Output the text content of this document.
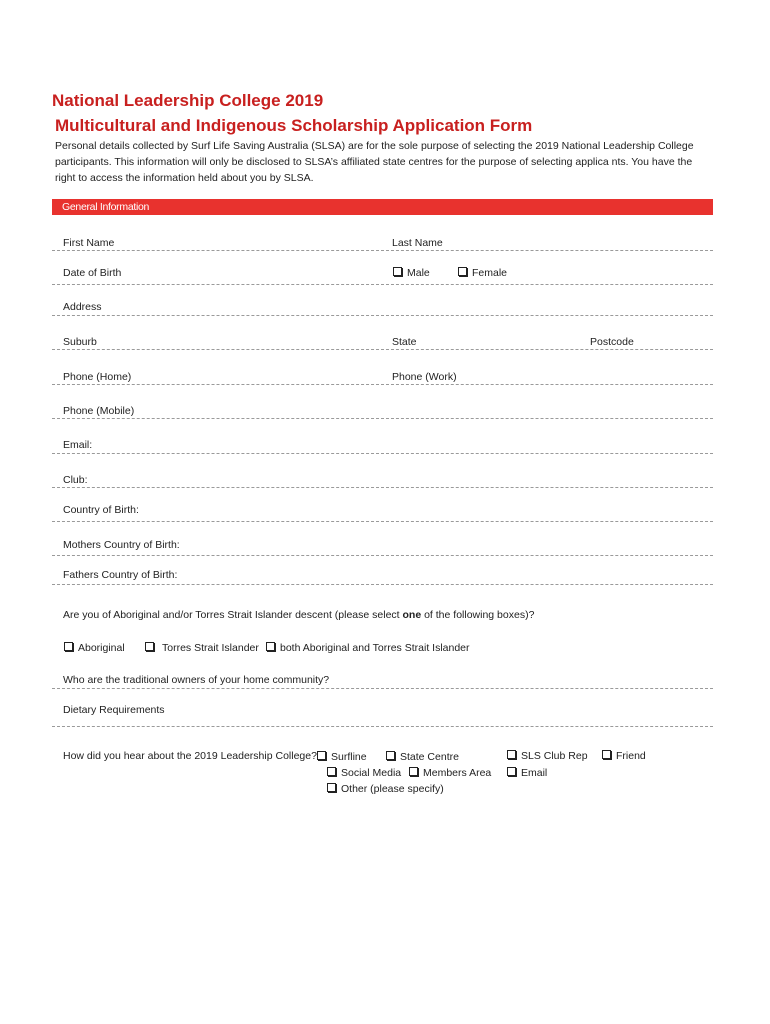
National Leadership College 2019
Multicultural and Indigenous Scholarship Application Form
Personal details collected by Surf Life Saving Australia (SLSA) are for the sole purpose of selecting the 2019 National Leadership College participants. This information will only be disclosed to SLSA’s affiliated state centres for the purpose of selecting applica nts. You have the right to access the information held about you by SLSA.
General Information
First Name	Last Name
Date of Birth	Male	Female
Address
Suburb	State	Postcode
Phone (Home)	Phone (Work)
Phone (Mobile)
Email:
Club:
Country of Birth:
Mothers Country of Birth:
Fathers Country of Birth:
Are you of Aboriginal and/or Torres Strait Islander descent (please select one of the following boxes)?
Aboriginal	Torres Strait Islander	both Aboriginal and Torres Strait Islander
Who are the traditional owners of your home community?
Dietary Requirements
How did you hear about the 2019 Leadership College?	Surfline	State Centre	SLS Club Rep	Friend
Social Media	Members Area	Email
Other (please specify)
